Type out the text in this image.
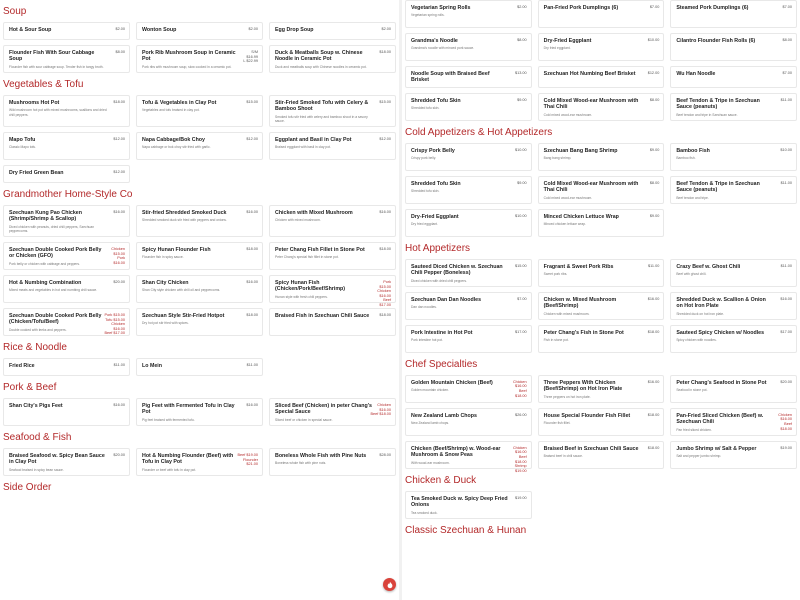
Soup
Hot & Sour Soup	$2.00	Wonton Soup	$2.00	Egg Drop Soup	$2.00
Flounder Fish With Sour Cabbage Soup
Flounder fish with sour cabbage soup. Tender fish in tangy broth.
$8.00	Pork Rib Mushroom Soup in Ceramic Pot
Pork ribs with mushroom soup, slow cooked in a ceramic pot.
S/M
$16.99
L $22.99
Duck & Meatballs Soup w. Chinese Noodle in Ceramic Pot
Duck and meatballs soup with Chinese noodles in ceramic pot.
$18.00
Vegetables & Tofu
Mushrooms Hot Pot
Wild mushroom hot pot with mixed mushrooms, scallions and dried chili peppers.
$18.00	Tofu & Vegetables in Clay Pot
Vegetables and tofu braised in clay pot.
$15.00	Stir-Fried Smoked Tofu with Celery & Bamboo Shoot
Smoked tofu stir fried with celery and bamboo shoot in a savory sauce.
$15.00
Mapo Tofu
Classic Mapo tofu.
$12.00	Napa Cabbage/Bok Choy
Napa cabbage or bok choy stir fried with garlic.
$12.00	Eggplant and Basil in Clay Pot
Braised eggplant with basil in clay pot.
$12.00
Dry Fried Green Bean	$12.00
Grandmother Home-Style Co
Szechuan Kung Pao Chicken (Shrimp/Shrimp & Scallop)
Diced chicken with peanuts, dried chili peppers, Szechuan peppercorns.
$16.00	Stir-fried Shredded Smoked Duck
Shredded smoked duck stir fried with peppers and onions.
$16.00	Chicken with Mixed Mushroom
Chicken with mixed mushroom.
$16.00
Szechuan Double Cooked Pork Belly or Chicken (GFO)
Pork belly or chicken with cabbage and peppers.
Chicken
$15.00
Pork
$16.00
Spicy Hunan Flounder Fish
Flounder fish in spicy sauce.
$18.00	Peter Chang Fish Fillet in Stone Pot
Peter Chang's special fish fillet in stone pot.
$18.00
Hot & Numbing Combination
Mixed meats and vegetables in hot and numbing chili sauce.
$20.00	Shan City Chicken
Shan City style chicken with chili oil and peppercorns.
$16.00	Spicy Hunan Fish (Chicken/Pork/Beef/Shrimp)
Hunan style with fresh chili peppers.
Pork
$15.00
Chicken
$16.00
Beef
$17.00
Szechuan Double Cooked Pork Belly (Chicken/Tofu/Beef)
Double cooked with leeks and peppers.
Pork $15.00
Tofu $15.00
Chicken
$16.00
Beef $17.00
Szechuan Style Stir-Fried Hotpot
Dry hot pot stir fried with spices.
$18.00	Braised Fish in Szechuan Chili Sauce	$18.00
Rice & Noodle
Fried Rice	$11.00	Lo Mein	$11.00
Pork & Beef
Shan City's Pigs Feet	$16.00	Pig Feet with Fermented Tofu in Clay Pot
Pig feet braised with fermented tofu.
$16.00	Sliced Beef (Chicken) in peter Chang's Special Sauce
Sliced beef or chicken in special sauce.
Chicken
$16.00
Beef $18.00
Seafood & Fish
Braised Seafood w. Spicy Bean Sauce in Clay Pot
Seafood braised in spicy bean sauce.
$20.00	Hot & Numbing Flounder (Beef) with Tofu in Clay Pot
Flounder or beef with tofu in clay pot.
Beef $19.00
Flounder
$21.00
Boneless Whole Fish with Pine Nuts
Boneless whole fish with pine nuts.
$28.00
Side Order
Vegetarian Spring Rolls
Vegetarian spring rolls.
$2.00	Pan-Fried Pork Dumplings (6)	$7.00	Steamed Pork Dumplings (6)	$7.00
Grandma's Noodle
Grandma's noodle with minced pork sauce.
$8.00	Dry-Fried Eggplant
Dry fried eggplant.
$10.00	Cilantro Flounder Fish Rolls (6)	$8.00
Noodle Soup with Braised Beef Brisket
$13.00	Szechuan Hot Numbing Beef Brisket	$12.00	Wu Han Noodle	$7.00
Shredded Tofu Skin
Shredded tofu skin.
$9.00	Cold Mixed Wood-ear Mushroom with Thai Chili
Cold mixed wood-ear mushroom.
$8.00	Beef Tendon & Tripe in Szechuan Sauce (peanuts)
Beef tendon and tripe in Szechuan sauce.
$11.00
Cold Appetizers & Hot Appetizers
Crispy Pork Belly
Crispy pork belly.
$10.00	Szechuan Bang Bang Shrimp
Bang bang shrimp.
$9.00	Bamboo Fish
Bamboo fish.
$10.00
Shredded Tofu Skin
Shredded tofu skin.
$9.00	Cold Mixed Wood-ear Mushroom with Thai Chili
Cold mixed wood-ear mushroom.
$8.00	Beef Tendon & Tripe in Szechuan Sauce (peanuts)
Beef tendon and tripe.
$11.00
Dry-Fried Eggplant
Dry fried eggplant.
$10.00	Minced Chicken Lettuce Wrap
Minced chicken lettuce wrap.
$9.00
Hot Appetizers
Sauteed Diced Chicken w. Szechuan Chili Pepper (Boneless)
Diced chicken with dried chili peppers.
$15.00	Fragrant & Sweet Pork Ribs
Sweet pork ribs.
$11.00	Crazy Beef w. Ghost Chili
Beef with ghost chili.
$11.00
Szechuan Dan Dan Noodles
Dan dan noodles.
$7.00	Chicken w. Mixed Mushroom (Beef/Shrimp)
Chicken with mixed mushroom.
$16.00	Shredded Duck w. Scallion & Onion on Hot Iron Plate
Shredded duck on hot iron plate.
$16.00
Pork Intestine in Hot Pot
Pork intestine hot pot.
$17.00	Peter Chang's Fish in Stone Pot
Fish in stone pot.
$18.00	Sauteed Spicy Chicken w/ Noodles
Spicy chicken with noodles.
$17.00
Chef Specialties
Golden Mountain Chicken (Beef)
Golden mountain chicken.
Chicken
$16.00
Beef
$18.00
Three Peppers With Chicken (Beef/Shrimp) on Hot Iron Plate
Three peppers on hot iron plate.
$16.00	Peter Chang's Seafood in Stone Pot
Seafood in stone pot.
$20.00
New Zealand Lamb Chops
New Zealand lamb chops.
$26.00	House Special Flounder Fish Fillet
Flounder fish fillet.
$18.00	Pan-Fried Sliced Chicken (Beef) w. Szechuan Chili
Pan fried sliced chicken.
Chicken
$16.00
Beef
$18.00
Chicken (Beef/Shrimp) w. Wood-ear Mushroom & Snow Peas
With wood-ear mushroom.
Chicken
$16.00
Beef
$18.00
Shrimp
$19.00
Braised Beef in Szechuan Chili Sauce
Braised beef in chili sauce.
$18.00	Jumbo Shrimp w/ Salt & Pepper
Salt and pepper jumbo shrimp.
$19.00
Chicken & Duck
Tea Smoked Duck w. Spicy Deep Fried Onions
Tea smoked duck.
$19.00
Classic Szechuan & Hunan
